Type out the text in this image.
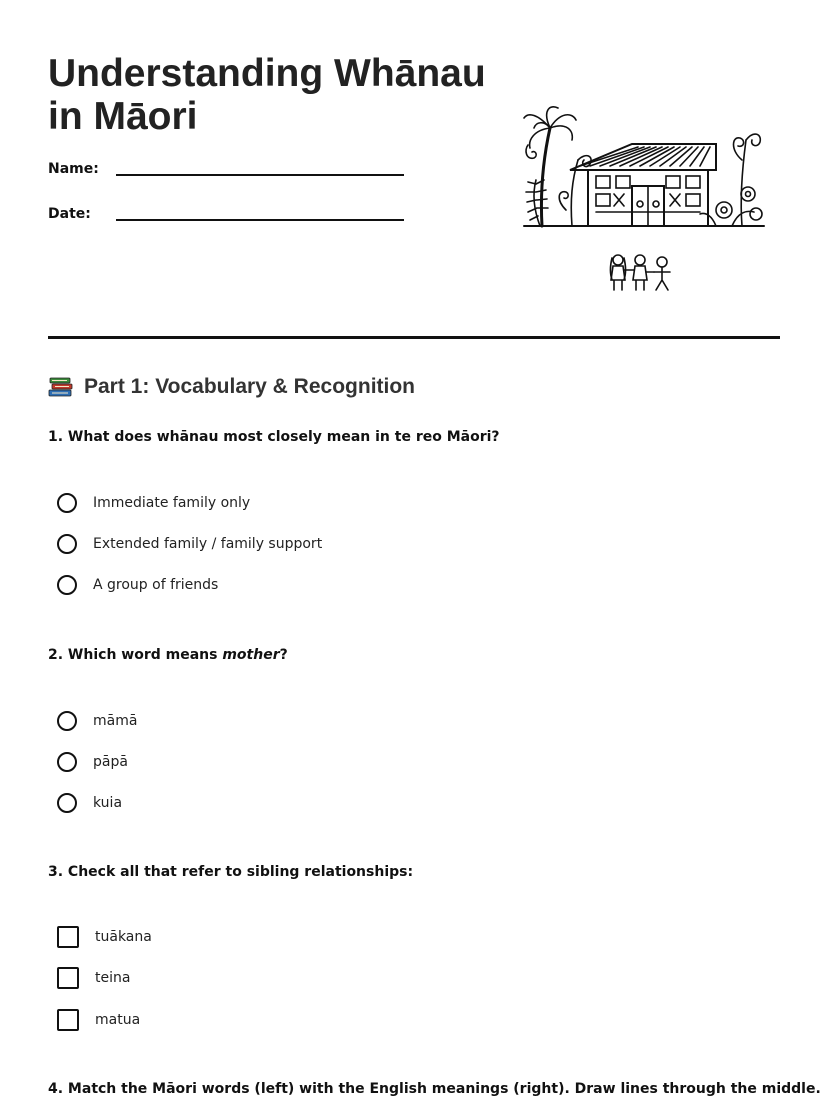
Understanding Whānau in Māori
Name:
Date:
Part 1: Vocabulary & Recognition
1. What does whānau most closely mean in te reo Māori?
Immediate family only
Extended family / family support
A group of friends
2. Which word means mother?
māmā
pāpā
kuia
3. Check all that refer to sibling relationships:
tuākana
teina
matua
4. Match the Māori words (left) with the English meanings (right). Draw lines through the middle.
